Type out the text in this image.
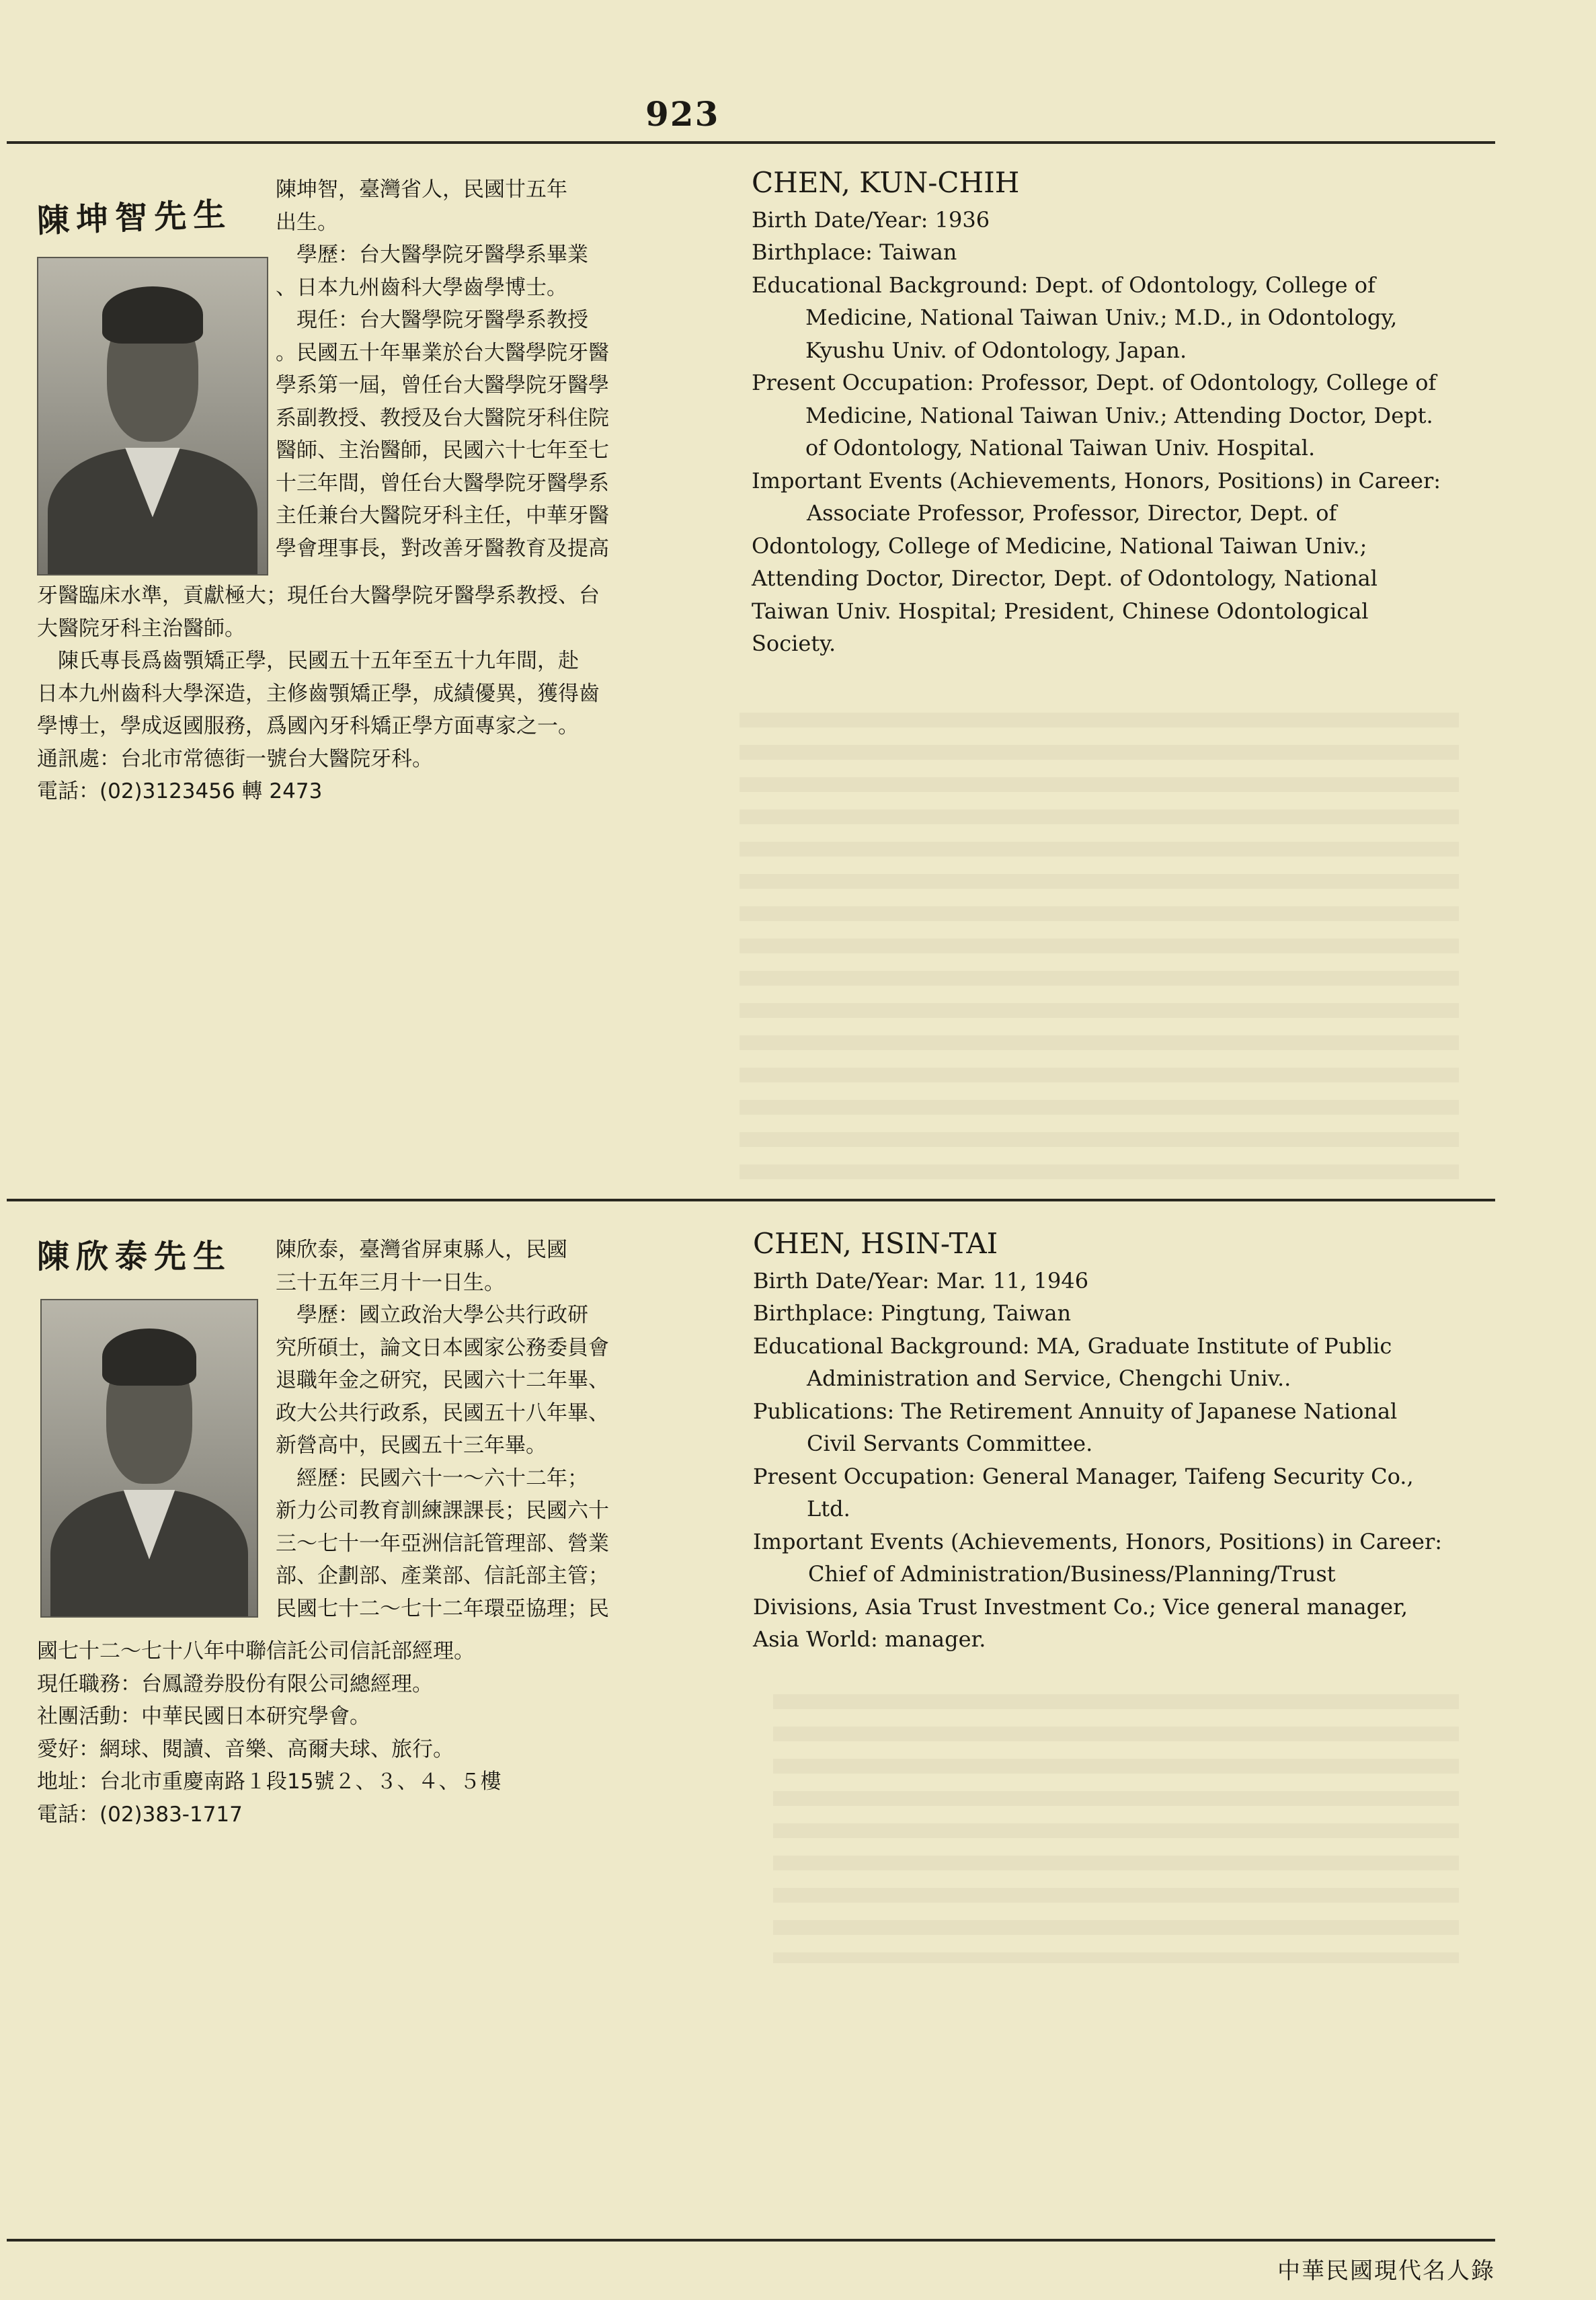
923
陳坤智先生
陳坤智，臺灣省人，民國廿五年
出生。
　學歷：台大醫學院牙醫學系畢業
、日本九州齒科大學齒學博士。
　現任：台大醫學院牙醫學系教授
。民國五十年畢業於台大醫學院牙醫
學系第一屆，曾任台大醫學院牙醫學
系副教授、教授及台大醫院牙科住院
醫師、主治醫師，民國六十七年至七
十三年間，曾任台大醫學院牙醫學系
主任兼台大醫院牙科主任，中華牙醫
學會理事長，對改善牙醫教育及提高
牙醫臨床水準，貢獻極大；現任台大醫學院牙醫學系教授、台
大醫院牙科主治醫師。
　陳氏專長爲齒顎矯正學，民國五十五年至五十九年間，赴
日本九州齒科大學深造，主修齒顎矯正學，成績優異，獲得齒
學博士，學成返國服務，爲國內牙科矯正學方面專家之一。
通訊處：台北市常德街一號台大醫院牙科。
電話：(02)3123456 轉 2473
CHEN, KUN-CHIH
Birth Date/Year: 1936
Birthplace: Taiwan
Educational Background: Dept. of Odontology, College of Medicine, National Taiwan Univ.; M.D., in Odontology, Kyushu Univ. of Odontology, Japan.
Present Occupation: Professor, Dept. of Odontology, College of Medicine, National Taiwan Univ.; Attending Doctor, Dept. of Odontology, National Taiwan Univ. Hospital.
Important Events (Achievements, Honors, Positions) in Career:
Associate Professor, Professor, Director, Dept. of Odontology, College of Medicine, National Taiwan Univ.; Attending Doctor, Director, Dept. of Odontology, National Taiwan Univ. Hospital; President, Chinese Odontological Society.
陳欣泰先生 陳欣泰，臺灣省屏東縣人，民國
三十五年三月十一日生。
　學歷：國立政治大學公共行政研
究所碩士，論文日本國家公務委員會
退職年金之研究，民國六十二年畢、
政大公共行政系，民國五十八年畢、
新營高中，民國五十三年畢。
　經歷：民國六十一～六十二年；
新力公司教育訓練課課長；民國六十
三～七十一年亞洲信託管理部、營業
部、企劃部、產業部、信託部主管；
民國七十二～七十二年環亞協理；民
國七十二～七十八年中聯信託公司信託部經理。
現任職務：台鳳證券股份有限公司總經理。
社團活動：中華民國日本研究學會。
愛好：網球、閱讀、音樂、高爾夫球、旅行。
地址：台北市重慶南路１段15號２、３、４、５樓
電話：(02)383-1717
CHEN, HSIN-TAI
Birth Date/Year: Mar. 11, 1946
Birthplace: Pingtung, Taiwan
Educational Background: MA, Graduate Institute of Public Administration and Service, Chengchi Univ..
Publications: The Retirement Annuity of Japanese National Civil Servants Committee.
Present Occupation: General Manager, Taifeng Security Co., Ltd.
Important Events (Achievements, Honors, Positions) in Career:
Chief of Administration/Business/Planning/Trust Divisions, Asia Trust Investment Co.; Vice general manager, Asia World: manager.
中華民國現代名人錄
